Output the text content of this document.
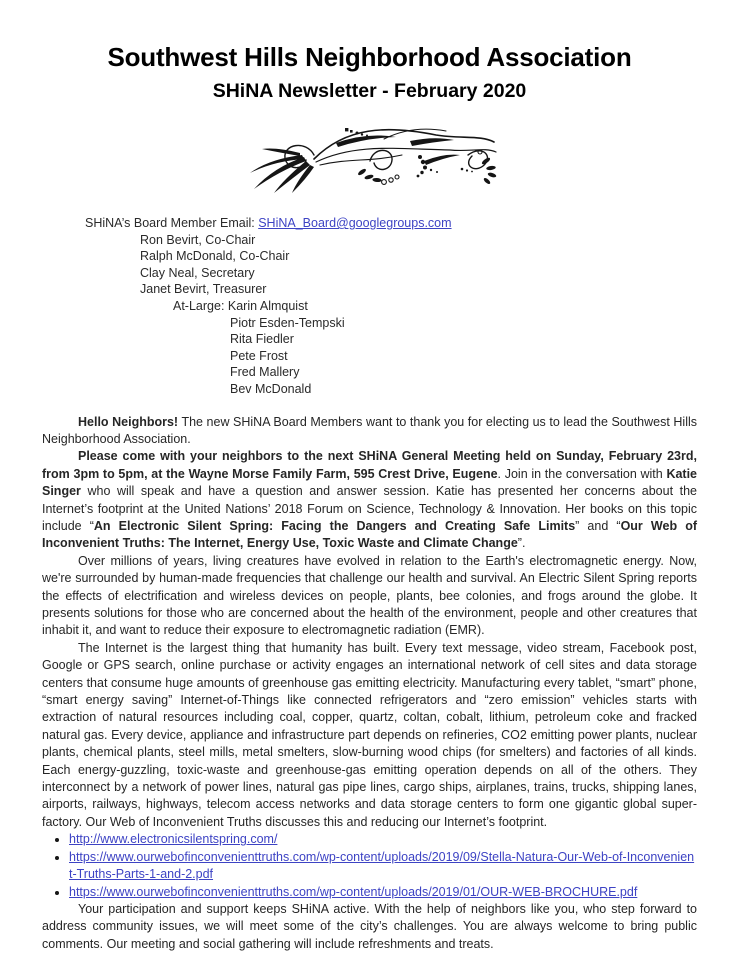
Southwest Hills Neighborhood Association
SHiNA Newsletter - February 2020
SHiNA’s Board Member Email: SHiNA_Board@googlegroups.com
Ron Bevirt, Co-Chair
Ralph McDonald, Co-Chair
Clay Neal, Secretary
Janet Bevirt, Treasurer
At-Large: Karin Almquist
Piotr Esden-Tempski
Rita Fiedler
Pete Frost
Fred Mallery
Bev McDonald

Hello Neighbors! The new SHiNA Board Members want to thank you for electing us to lead the Southwest Hills Neighborhood Association.

Please come with your neighbors to the next SHiNA General Meeting held on Sunday, February 23rd, from 3pm to 5pm, at the Wayne Morse Family Farm, 595 Crest Drive, Eugene. Join in the conversation with Katie Singer who will speak and have a question and answer session. Katie has presented her concerns about the Internet’s footprint at the United Nations’ 2018 Forum on Science, Technology & Innovation. Her books on this topic include “An Electronic Silent Spring: Facing the Dangers and Creating Safe Limits” and “Our Web of Inconvenient Truths: The Internet, Energy Use, Toxic Waste and Climate Change”.

Over millions of years, living creatures have evolved in relation to the Earth's electromagnetic energy. Now, we're surrounded by human-made frequencies that challenge our health and survival. An Electric Silent Spring reports the effects of electrification and wireless devices on people, plants, bee colonies, and frogs around the globe. It presents solutions for those who are concerned about the health of the environment, people and other creatures that inhabit it, and want to reduce their exposure to electromagnetic radiation (EMR).

The Internet is the largest thing that humanity has built. Every text message, video stream, Facebook post, Google or GPS search, online purchase or activity engages an international network of cell sites and data storage centers that consume huge amounts of greenhouse gas emitting electricity. Manufacturing every tablet, “smart” phone, “smart energy saving” Internet-of-Things like connected refrigerators and “zero emission” vehicles starts with extraction of natural resources including coal, copper, quartz, coltan, cobalt, lithium, petroleum coke and fracked natural gas. Every device, appliance and infrastructure part depends on refineries, CO2 emitting power plants, nuclear plants, chemical plants, steel mills, metal smelters, slow-burning wood chips (for smelters) and factories of all kinds. Each energy-guzzling, toxic-waste and greenhouse-gas emitting operation depends on all of the others. They interconnect by a network of power lines, natural gas pipe lines, cargo ships, airplanes, trains, trucks, shipping lanes, airports, railways, highways, telecom access networks and data storage centers to form one gigantic global super-factory. Our Web of Inconvenient Truths discusses this and reducing our Internet’s footprint.

• http://www.electronicsilentspring.com/
• https://www.ourwebofinconvenienttruths.com/wp-content/uploads/2019/09/Stella-Natura-Our-Web-of-Inconvenient-Truths-Parts-1-and-2.pdf
• https://www.ourwebofinconvenienttruths.com/wp-content/uploads/2019/01/OUR-WEB-BROCHURE.pdf

Your participation and support keeps SHiNA active. With the help of neighbors like you, who step forward to address community issues, we will meet some of the city’s challenges. You are always welcome to bring public comments. Our meeting and social gathering will include refreshments and treats.
